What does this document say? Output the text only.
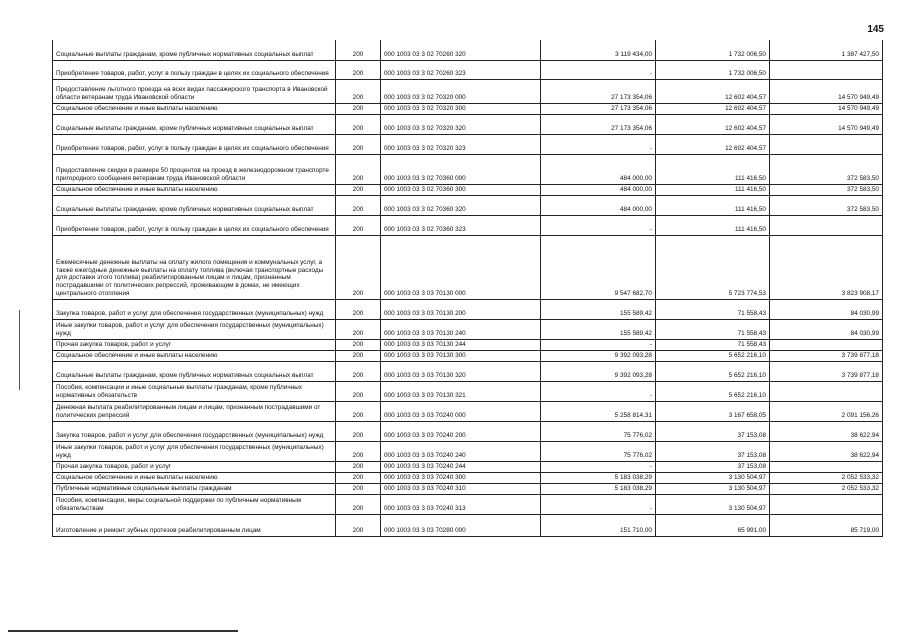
145
Социальные выплаты гражданам, кроме публичных нормативных социальных выплат	200	000 1003 03 3 02 70260 320	3 119 434,00	1 732 006,50	1 387 427,50
Приобретение товаров, работ, услуг в пользу граждан в целях их социального обеспечения	200	000 1003 03 3 02 70260 323	-	1 732 006,50	
Предоставление льготного проезда на всех видах пассажирского транспорта в Ивановской области ветеранам труда Ивановской области	200	000 1003 03 3 02 70320 000	27 173 354,06	12 602 404,57	14 570 949,49
Социальное обеспечение и иные выплаты населению	200	000 1003 03 3 02 70320 300	27 173 354,06	12 602 404,57	14 570 949,49
Социальные выплаты гражданам, кроме публичных нормативных социальных выплат	200	000 1003 03 3 02 70320 320	27 173 354,06	12 602 404,57	14 570 949,49
Приобретение товаров, работ, услуг в пользу граждан в целях их социального обеспечения	200	000 1003 03 3 02 70320 323	-	12 602 404,57	
Предоставление скидки в размере 50 процентов на проезд в железнодорожном транспорте пригородного сообщения ветеранам труда Ивановской области	200	000 1003 03 3 02 70360 000	484 000,00	111 416,50	372 583,50
Социальное обеспечение и иные выплаты населению	200	000 1003 03 3 02 70360 300	484 000,00	111 416,50	372 583,50
Социальные выплаты гражданам, кроме публичных нормативных социальных выплат	200	000 1003 03 3 02 70360 320	484 000,00	111 416,50	372 583,50
Приобретение товаров, работ, услуг в пользу граждан в целях их социального обеспечения	200	000 1003 03 3 02 70360 323	-	111 416,50	
Ежемесячные денежные выплаты на оплату жилого помещения и коммунальных услуг, а также ежегодные денежные выплаты на оплату топлива (включая транспортные расходы для доставки этого топлива) реабилитированным лицам и лицам, признанным пострадавшими от политических репрессий, проживающим в домах, не имеющих центрального отопления	200	000 1003 03 3 03 70130 000	9 547 682,70	5 723 774,53	3 823 908,17
Закупка товаров, работ и услуг для обеспечения государственных (муниципальных) нужд	200	000 1003 03 3 03 70130 200	155 589,42	71 558,43	84 030,99
Иные закупки товаров, работ и услуг для обеспечения государственных (муниципальных) нужд	200	000 1003 03 3 03 70130 240	155 589,42	71 558,43	84 030,99
Прочая закупка товаров, работ и услуг	200	000 1003 03 3 03 70130 244	-	71 558,43	
Социальное обеспечение и иные выплаты населению	200	000 1003 03 3 03 70130 300	9 392 093,28	5 652 216,10	3 739 877,18
Социальные выплаты гражданам, кроме публичных нормативных социальных выплат	200	000 1003 03 3 03 70130 320	9 392 093,28	5 652 216,10	3 739 877,18
Пособия, компенсации и иные социальные выплаты гражданам, кроме публичных нормативных обязательств	200	000 1003 03 3 03 70130 321	-	5 652 216,10	
Денежная выплата реабилитированным лицам и лицам, признанным пострадавшими от политических репрессий	200	000 1003 03 3 03 70240 000	5 258 814,31	3 167 658,05	2 091 156,26
Закупка товаров, работ и услуг для обеспечения государственных (муниципальных) нужд	200	000 1003 03 3 03 70240 200	75 776,02	37 153,08	38 622,94
Иные закупки товаров, работ и услуг для обеспечения государственных (муниципальных) нужд	200	000 1003 03 3 03 70240 240	75 776,02	37 153,08	38 622,94
Прочая закупка товаров, работ и услуг	200	000 1003 03 3 03 70240 244	-	37 153,08	
Социальное обеспечение и иные выплаты населению	200	000 1003 03 3 03 70240 300	5 183 038,29	3 130 504,97	2 052 533,32
Публичные нормативные социальные выплаты гражданам	200	000 1003 03 3 03 70240 310	5 183 038,29	3 130 504,97	2 052 533,32
Пособия, компенсации, меры социальной поддержки по публичным нормативным обязательствам	200	000 1003 03 3 03 70240 313	-	3 130 504,97	
Изготовление и ремонт зубных протезов реабилитированным лицам	200	000 1003 03 3 03 70280 000	151 710,00	65 991,00	85 719,00
